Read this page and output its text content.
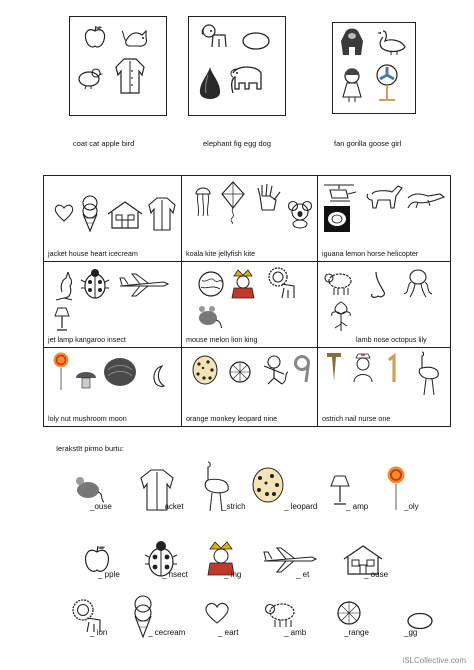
coat cat apple bird	elephant fig egg dog	fan gorilla goose girl
jacket house heart icecream	koala kite jellyfish kite	iguana lemon horse helicopter
jet lamp kangaroo insect	mouse melon lion king	lamb nose octopus lily
loly nut mushroom moon	orange monkey leopard nine	ostrich nail nurse one
Ierakstīt pirmo burtu:
_ouse	_acket	_strich	_ leopard	_ amp	_oly
_ pple	_ nsect	_ ing	_ et	_ ouse
_ ion	_ cecream	_ eart	_ amb	_range	_gg
iSLCollective.com
